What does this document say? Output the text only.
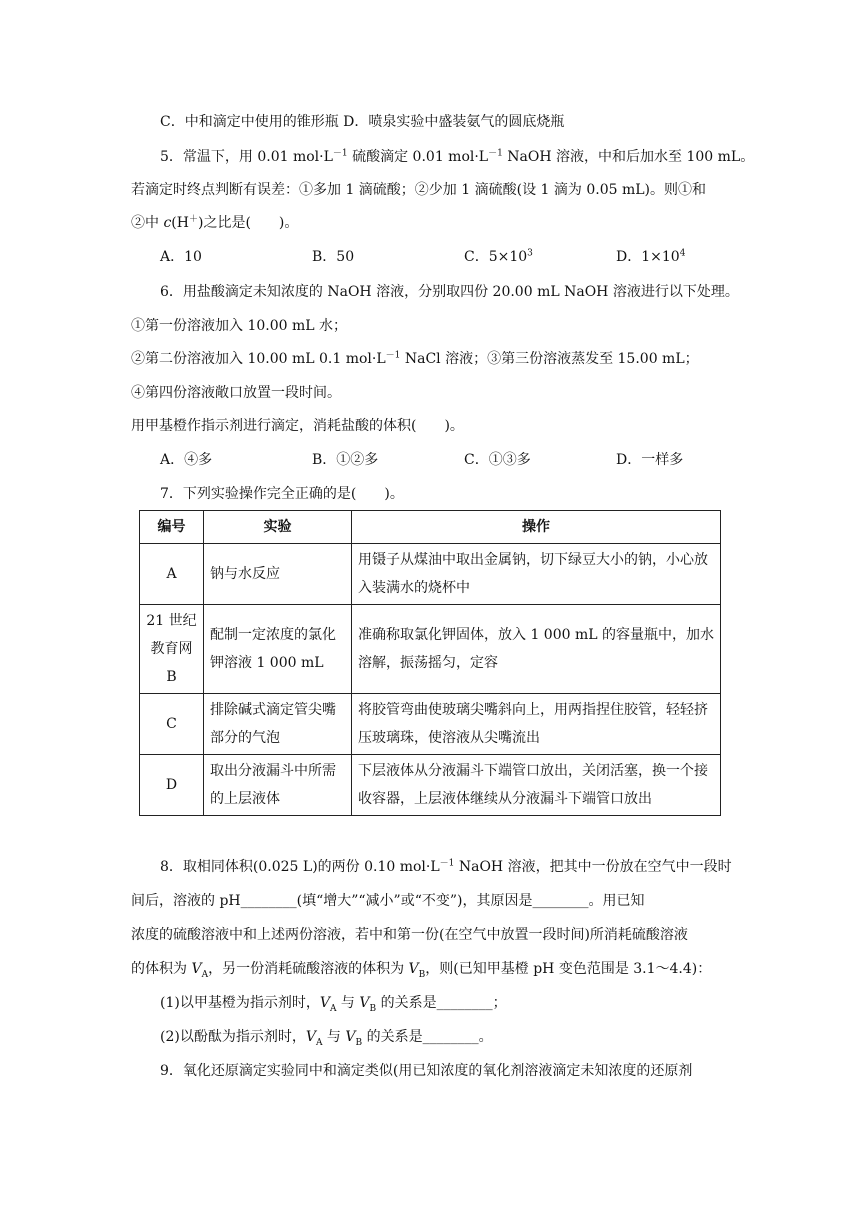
C．中和滴定中使用的锥形瓶 D．喷泉实验中盛装氨气的圆底烧瓶
5．常温下，用 0.01 $mol\cdot L^{-1}$ 硫酸滴定 0.01 $mol\cdot L^{-1}$ NaOH 溶液，中和后加水至 100 mL。
若滴定时终点判断有误差：①多加 1 滴硫酸；②少加 1 滴硫酸(设 1 滴为 0.05 mL)。则①和
②中 c(H＋)之比是(　　)。
A．10	B．50	C．$5\times 10^3$	D．$1\times 10^4$
6．用盐酸滴定未知浓度的 NaOH 溶液，分别取四份 20.00 mL NaOH 溶液进行以下处理。
①第一份溶液加入 10.00 mL 水；
②第二份溶液加入 10.00 mL 0.1 $mol\cdot L^{-1}$ NaCl 溶液；③第三份溶液蒸发至 15.00 mL；
④第四份溶液敞口放置一段时间。
用甲基橙作指示剂进行滴定，消耗盐酸的体积(　　)。
A．④多	B．①②多	C．①③多	D．一样多
7．下列实验操作完全正确的是(　　)。
编号	实验	操作
A	钠与水反应	用镊子从煤油中取出金属钠，切下绿豆大小的钠，小心放入装满水的烧杯中
21 世纪教育网 B	配制一定浓度的氯化钾溶液 1 000 mL	准确称取氯化钾固体，放入 1 000 mL 的容量瓶中，加水溶解，振荡摇匀，定容
C	排除碱式滴定管尖嘴部分的气泡	将胶管弯曲使玻璃尖嘴斜向上，用两指捏住胶管，轻轻挤压玻璃珠，使溶液从尖嘴流出
D	取出分液漏斗中所需的上层液体	下层液体从分液漏斗下端管口放出，关闭活塞，换一个接收容器，上层液体继续从分液漏斗下端管口放出
8．取相同体积(0.025 L)的两份 0.10 $mol\cdot L^{-1}$ NaOH 溶液，把其中一份放在空气中一段时
间后，溶液的 pH________(填“增大”“减小”或“不变”)，其原因是________。用已知
浓度的硫酸溶液中和上述两份溶液，若中和第一份(在空气中放置一段时间)所消耗硫酸溶液
的体积为 $V_A$，另一份消耗硫酸溶液的体积为 $V_B$，则(已知甲基橙 pH 变色范围是 3.1～4.4)：
(1)以甲基橙为指示剂时，$V_A$ 与 $V_B$ 的关系是________；
(2)以酚酞为指示剂时，$V_A$ 与 $V_B$ 的关系是________。
9．氧化还原滴定实验同中和滴定类似(用已知浓度的氧化剂溶液滴定未知浓度的还原剂
